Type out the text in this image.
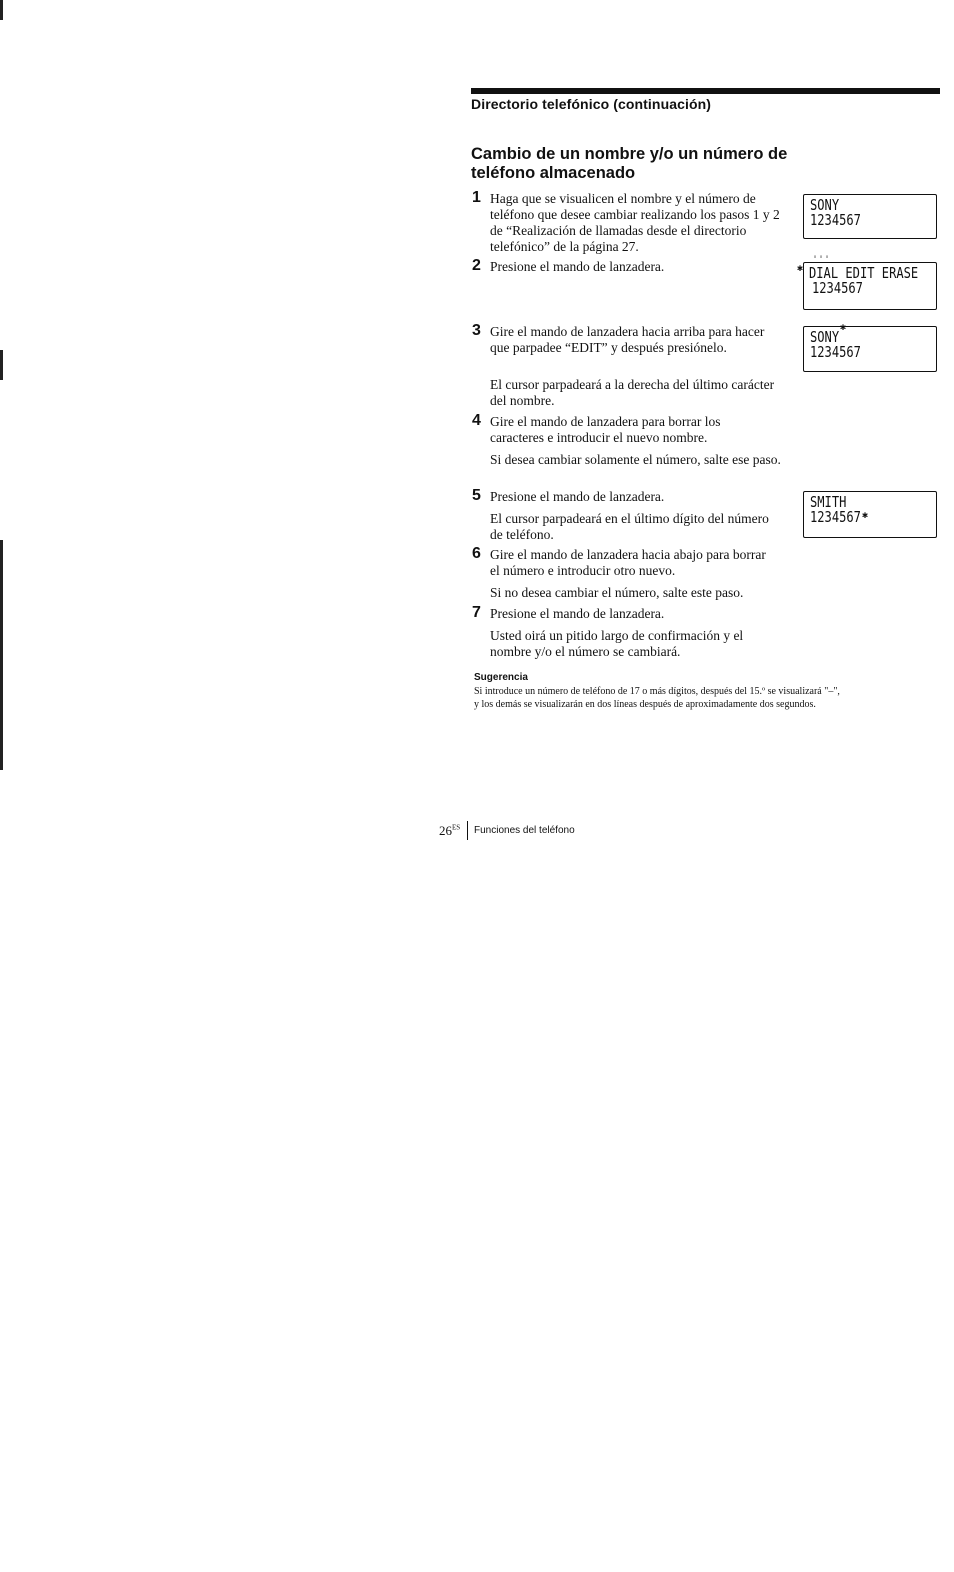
Directorio telefónico (continuación)
Cambio de un nombre y/o un número de teléfono almacenado
1 Haga que se visualicen el nombre y el número de teléfono que desee cambiar realizando los pasos 1 y 2 de “Realización de llamadas desde el directorio telefónico” de la página 27.
2 Presione el mando de lanzadera.
3 Gire el mando de lanzadera hacia arriba para hacer que parpadee “EDIT” y después presiónelo.
El cursor parpadeará a la derecha del último carácter del nombre.
4 Gire el mando de lanzadera para borrar los caracteres e introducir el nuevo nombre.
Si desea cambiar solamente el número, salte ese paso.
5 Presione el mando de lanzadera.
El cursor parpadeará en el último dígito del número de teléfono.
6 Gire el mando de lanzadera hacia abajo para borrar el número e introducir otro nuevo.
Si no desea cambiar el número, salte este paso.
7 Presione el mando de lanzadera.
Usted oirá un pitido largo de confirmación y el nombre y/o el número se cambiará.
SONY
1234567
DIAL EDIT ERASE
1234567
✱
ˈˈˈ
SONY
1234567
✱
SMITH
1234567 ✱
Sugerencia
Si introduce un número de teléfono de 17 o más dígitos, después del 15.º se visualizará "–", y los demás se visualizarán en dos líneas después de aproximadamente dos segundos.
$26^{ES}$ Funciones del teléfono
